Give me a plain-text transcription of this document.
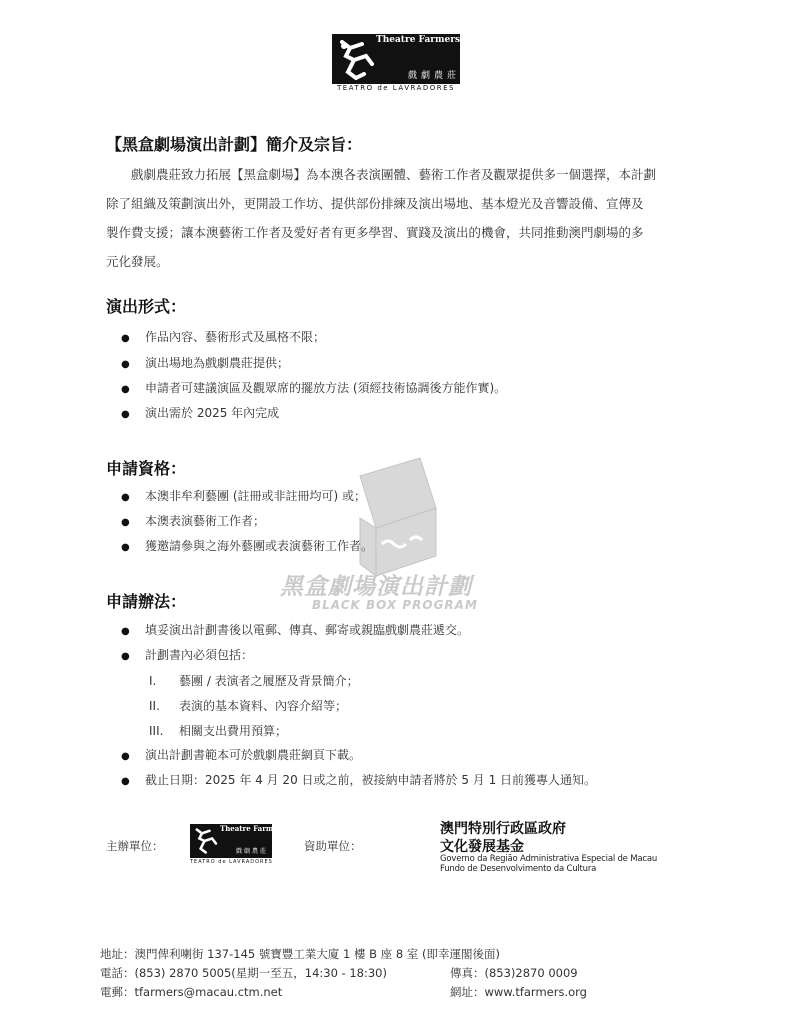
Theatre Farmers
戲劇農莊
TEATRO de LAVRADORES
【黑盒劇場演出計劃】簡介及宗旨：
戲劇農莊致力拓展【黑盒劇場】為本澳各表演團體、藝術工作者及觀眾提供多一個選擇，本計劃
除了組織及策劃演出外，更開設工作坊、提供部份排練及演出場地、基本燈光及音響設備、宣傳及
製作費支援；讓本澳藝術工作者及愛好者有更多學習、實踐及演出的機會，共同推動澳門劇場的多
元化發展。
演出形式：
● 作品內容、藝術形式及風格不限；
● 演出場地為戲劇農莊提供；
● 申請者可建議演區及觀眾席的擺放方法 (須經技術協調後方能作實)。
● 演出需於 2025 年內完成
黑盒劇場演出計劃
BLACK BOX PROGRAM
申請資格：
● 本澳非牟利藝團 (註冊或非註冊均可) 或；
● 本澳表演藝術工作者；
● 獲邀請參與之海外藝團或表演藝術工作者。
申請辦法：
● 填妥演出計劃書後以電郵、傳真、郵寄或親臨戲劇農莊遞交。
● 計劃書內必須包括：
I. 藝團 / 表演者之履歷及背景簡介；
II. 表演的基本資料、內容介紹等；
III. 相關支出費用預算；
● 演出計劃書範本可於戲劇農莊網頁下載。
● 截止日期：2025 年 4 月 20 日或之前，被接納申請者將於 5 月 1 日前獲專人通知。
主辦單位：
Theatre Farmers
戲劇農莊
TEATRO de LAVRADORES
資助單位：
澳門特別行政區政府
文化發展基金
Governo da Região Administrativa Especial de Macau
Fundo de Desenvolvimento da Cultura
地址：澳門俾利喇街 137-145 號寶豐工業大廈 1 樓 B 座 8 室 (即幸運閣後面)
電話：(853) 2870 5005(星期一至五，14:30 - 18:30)	傳真：(853)2870 0009
電郵：tfarmers@macau.ctm.net	網址：www.tfarmers.org
